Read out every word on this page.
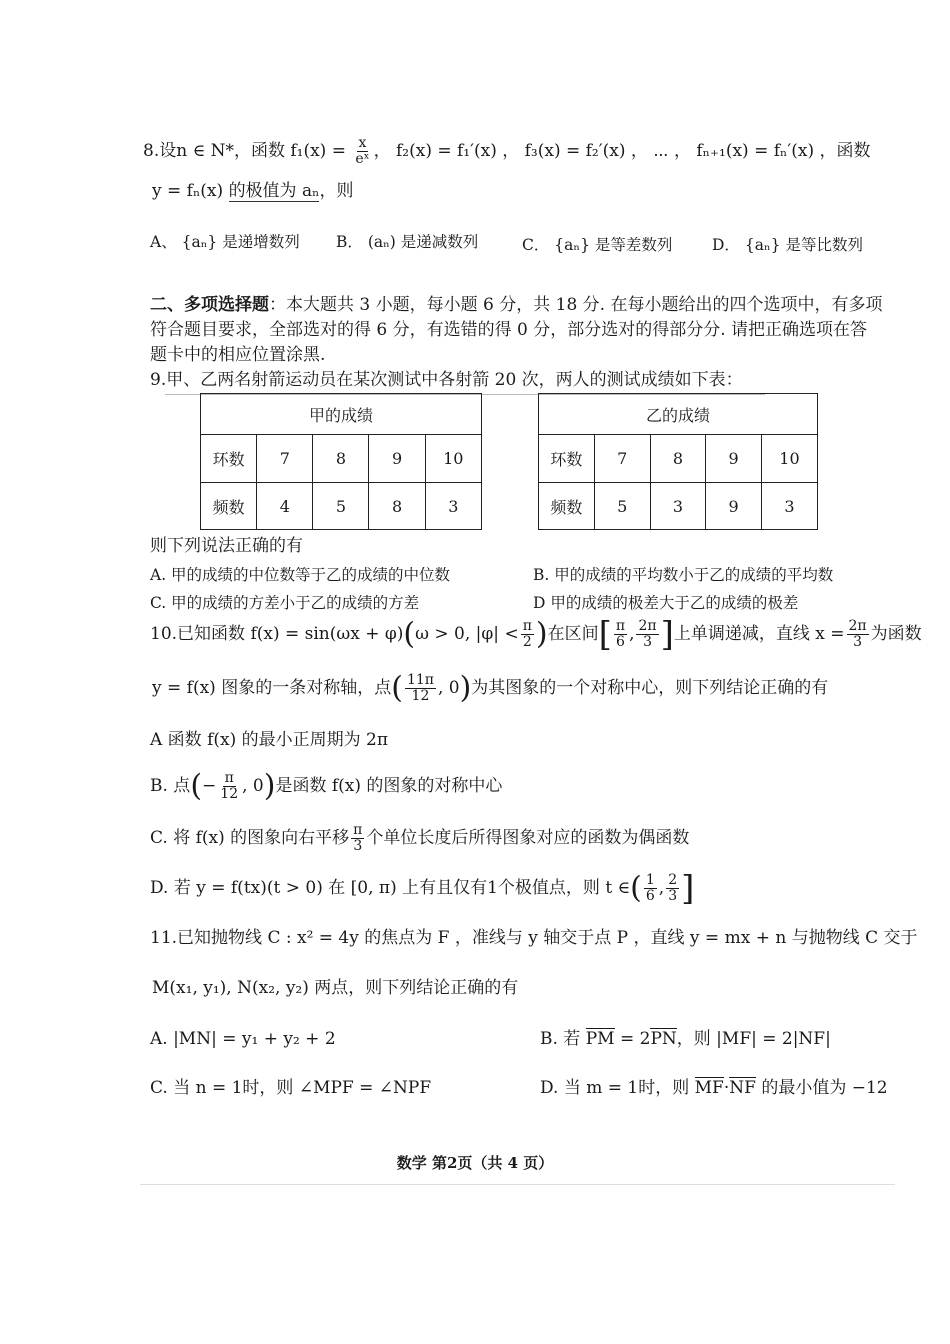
8.设n ∈ N*，函数 $f_1(x) = \frac{x}{\text{eˣ}}$ ， f₂(x) = f₁′(x) ， f₃(x) = f₂′(x) ， ⋯ ， fₙ₊₁(x) = fₙ′(x) ，函数
y = fₙ(x) 的极值为 aₙ，则
A、 {aₙ} 是递增数列 B． (aₙ) 是递减数列	C． {aₙ} 是等差数列	D． {aₙ} 是等比数列
二、多项选择题：本大题共 3 小题，每小题 6 分，共 18 分. 在每小题给出的四个选项中，有多项
符合题目要求，全部选对的得 6 分，有选错的得 0 分，部分选对的得部分分. 请把正确选项在答
题卡中的相应位置涂黑.
9.甲、乙两名射箭运动员在某次测试中各射箭 20 次，两人的测试成绩如下表：
甲的成绩				
环数	7	8	9	10
频数	4	5	8	3
乙的成绩				
环数	7	8	9	10
频数	5	3	9	3
则下列说法正确的有
A. 甲的成绩的中位数等于乙的成绩的中位数	B. 甲的成绩的平均数小于乙的成绩的平均数
C. 甲的成绩的方差小于乙的成绩的方差	D 甲的成绩的极差大于乙的成绩的极差
10.已知函数 f(x) = sin(ωx + φ)(ω > 0, $|\varphi| < \frac{\pi}{2}$ )在区间[ $\frac{\pi}{6}$ , $\frac{2\pi}{3}$ ]上单调递减，直线 $x = \frac{2\pi}{3}$ 为函数
y = f(x) 图象的一条对称轴，点( $\frac{11\pi}{12}$ , 0)为其图象的一个对称中心，则下列结论正确的有
A 函数 f(x) 的最小正周期为 2π
B. 点(− $\frac{\pi}{12}$ , 0)是函数 f(x) 的图象的对称中心
C. 将 f(x) 的图象向右平移 $\frac{\pi}{3}$ 个单位长度后所得图象对应的函数为偶函数
D. 若 y = f(tx)(t > 0) 在 [0, π) 上有且仅有1个极值点，则 t ∈( $\frac{1}{6}$ , $\frac{2}{3}$ ]
11.已知抛物线 C : x² = 4y 的焦点为 F ，准线与 y 轴交于点 P ，直线 y = mx + n 与抛物线 C 交于
M(x₁, y₁), N(x₂, y₂) 两点，则下列结论正确的有
A. |MN| = y₁ + y₂ + 2	B. 若 PM = 2PN，则 |MF| = 2|NF|
C. 当 n = 1时，则 ∠MPF = ∠NPF	D. 当 m = 1时，则 MF·NF 的最小值为 −12
数学 第2页（共 4 页）
